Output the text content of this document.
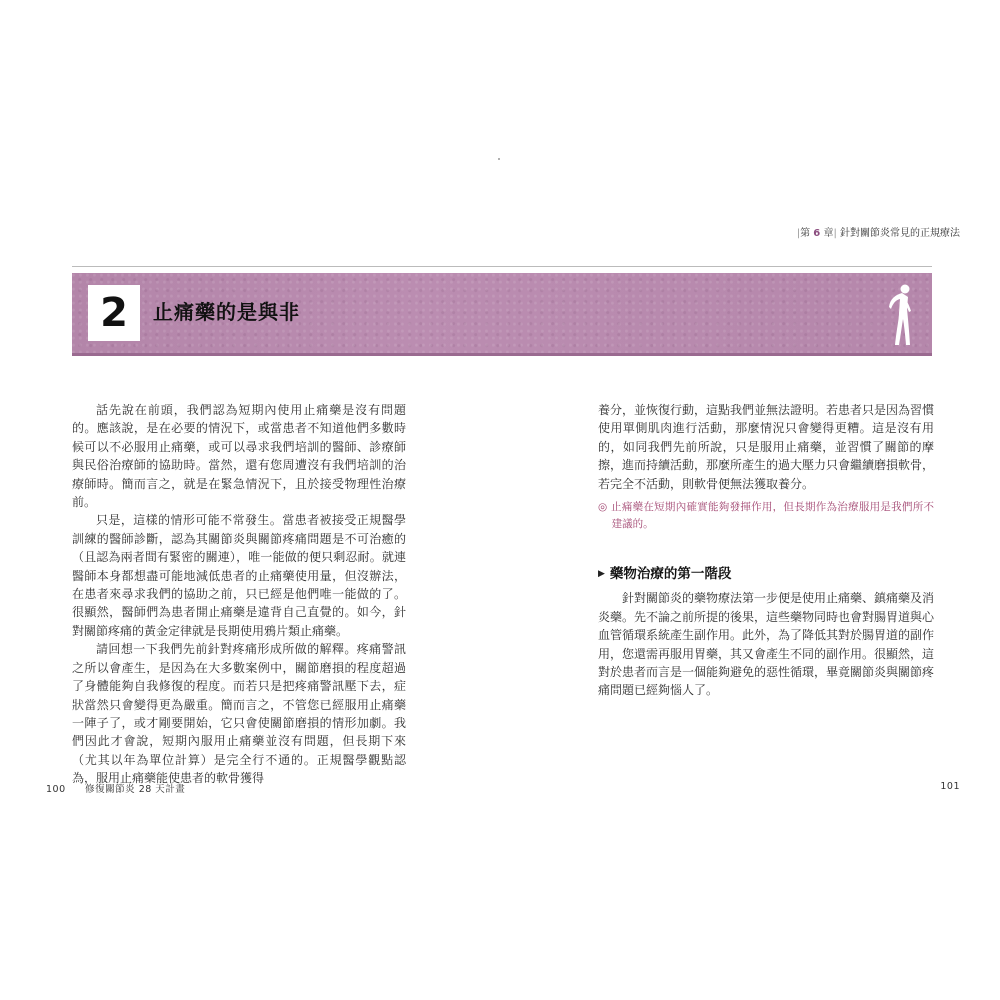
|第 6 章| 針對關節炎常見的正規療法
2	止痛藥的是與非

話先說在前頭，我們認為短期內使用止痛藥是沒有問題的。應該說，是在必要的情況下，或當患者不知道他們多數時候可以不必服用止痛藥，或可以尋求我們培訓的醫師、診療師與民俗治療師的協助時。當然，還有您周遭沒有我們培訓的治療師時。簡而言之，就是在緊急情況下，且於接受物理性治療前。

只是，這樣的情形可能不常發生。當患者被接受正規醫學訓練的醫師診斷，認為其關節炎與關節疼痛問題是不可治癒的（且認為兩者間有緊密的關連），唯一能做的便只剩忍耐。就連醫師本身都想盡可能地減低患者的止痛藥使用量，但沒辦法，在患者來尋求我們的協助之前，只已經是他們唯一能做的了。很顯然，醫師們為患者開止痛藥是違背自己直覺的。如今，針對關節疼痛的黃金定律就是長期使用鴉片類止痛藥。

請回想一下我們先前針對疼痛形成所做的解釋。疼痛警訊之所以會產生，是因為在大多數案例中，關節磨損的程度超過了身體能夠自我修復的程度。而若只是把疼痛警訊壓下去，症狀當然只會變得更為嚴重。簡而言之，不管您已經服用止痛藥一陣子了，或才剛要開始，它只會使關節磨損的情形加劇。我們因此才會說，短期內服用止痛藥並沒有問題，但長期下來（尤其以年為單位計算）是完全行不通的。正規醫學觀點認為，服用止痛藥能使患者的軟骨獲得

養分，並恢復行動，這點我們並無法證明。若患者只是因為習慣使用單側肌肉進行活動，那麼情況只會變得更糟。這是沒有用的，如同我們先前所說，只是服用止痛藥，並習慣了關節的摩擦，進而持續活動，那麼所產生的過大壓力只會繼續磨損軟骨，若完全不活動，則軟骨便無法獲取養分。

◎ 止痛藥在短期內確實能夠發揮作用，但長期作為治療服用是我們所不建議的。
▶ 藥物治療的第一階段

針對關節炎的藥物療法第一步便是使用止痛藥、鎮痛藥及消炎藥。先不論之前所提的後果，這些藥物同時也會對腸胃道與心血管循環系統產生副作用。此外，為了降低其對於腸胃道的副作用，您還需再服用胃藥，其又會產生不同的副作用。很顯然，這對於患者而言是一個能夠避免的惡性循環，畢竟關節炎與關節疼痛問題已經夠惱人了。

100 修復關節炎 28 天計畫	101
